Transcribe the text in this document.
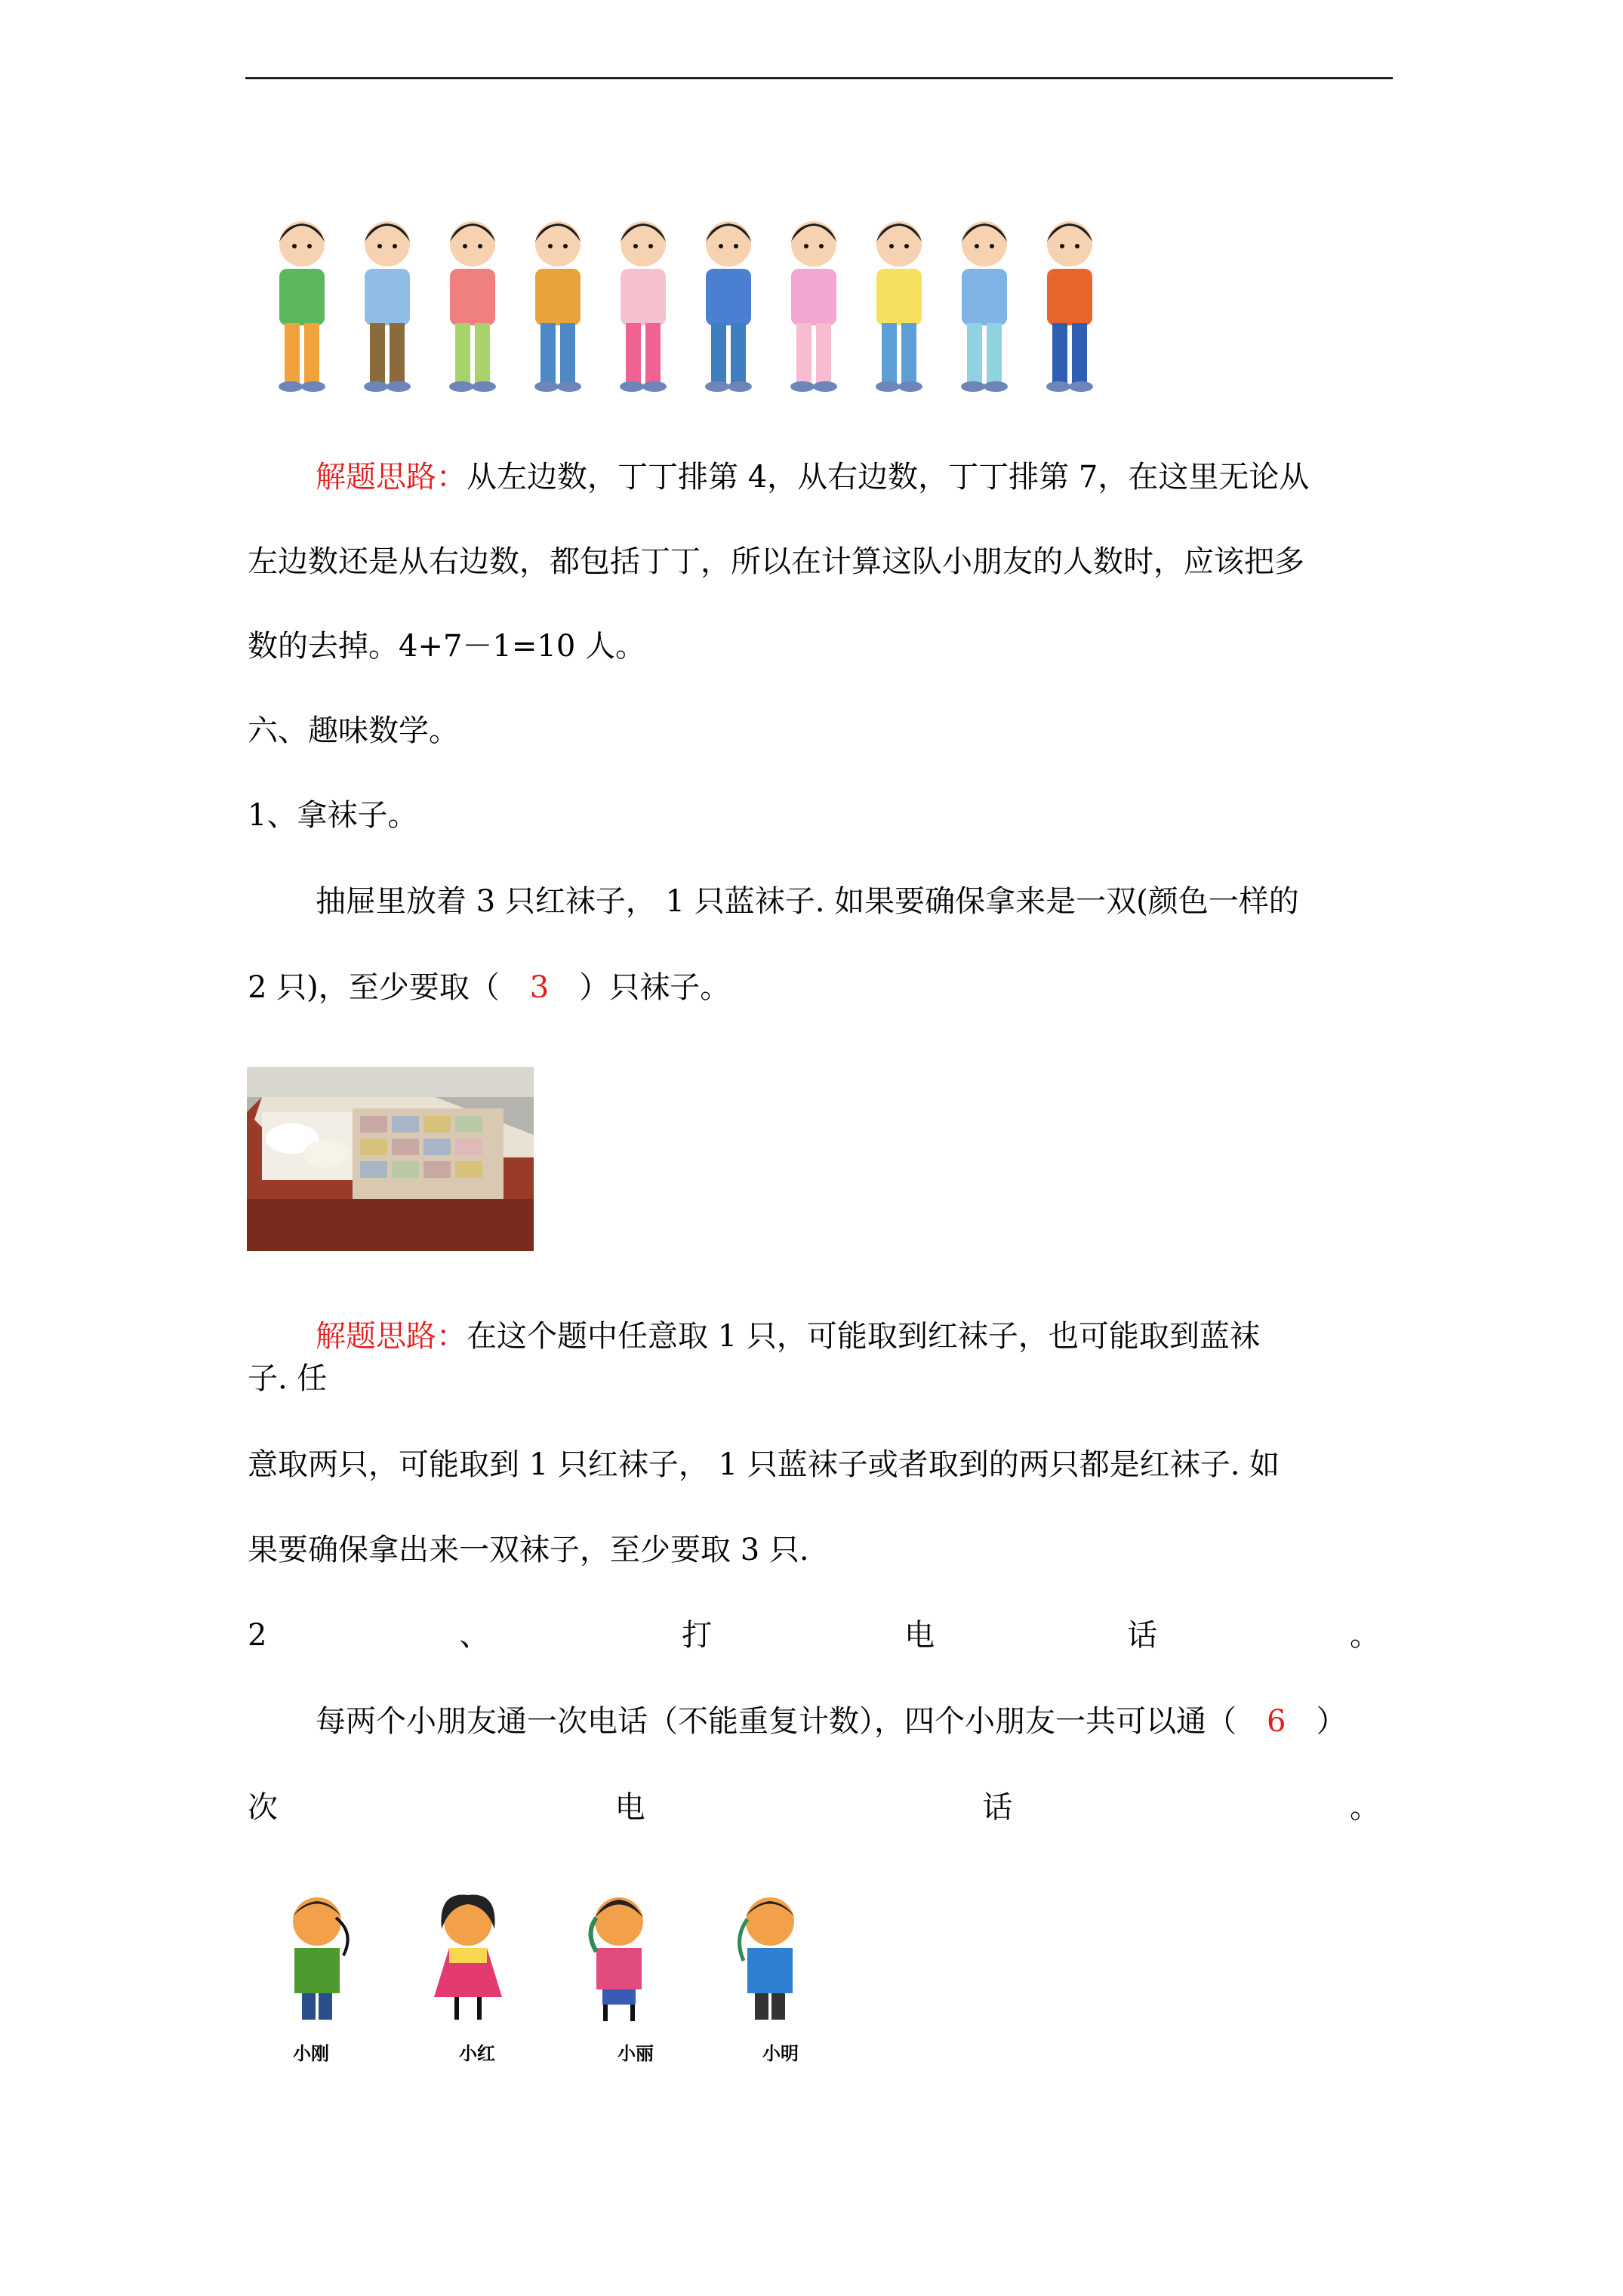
解题思路：从左边数，丁丁排第 4，从右边数，丁丁排第 7，在这里无论从
左边数还是从右边数，都包括丁丁，所以在计算这队小朋友的人数时，应该把多
数的去掉。4+7－1=10 人。
六、趣味数学。
1、拿袜子。
抽屉里放着 3 只红袜子， 1 只蓝袜子. 如果要确保拿来是一双(颜色一样的
2 只)，至少要取（ 3 ）只袜子。
解题思路：在这个题中任意取 1 只，可能取到红袜子，也可能取到蓝袜
子. 任
意取两只，可能取到 1 只红袜子， 1 只蓝袜子或者取到的两只都是红袜子. 如
果要确保拿出来一双袜子，至少要取 3 只.
2	、	打	电	话	。
每两个小朋友通一次电话（不能重复计数），四个小朋友一共可以通（ 6 ）
次	电	话	。
小刚	小红	小丽	小明
